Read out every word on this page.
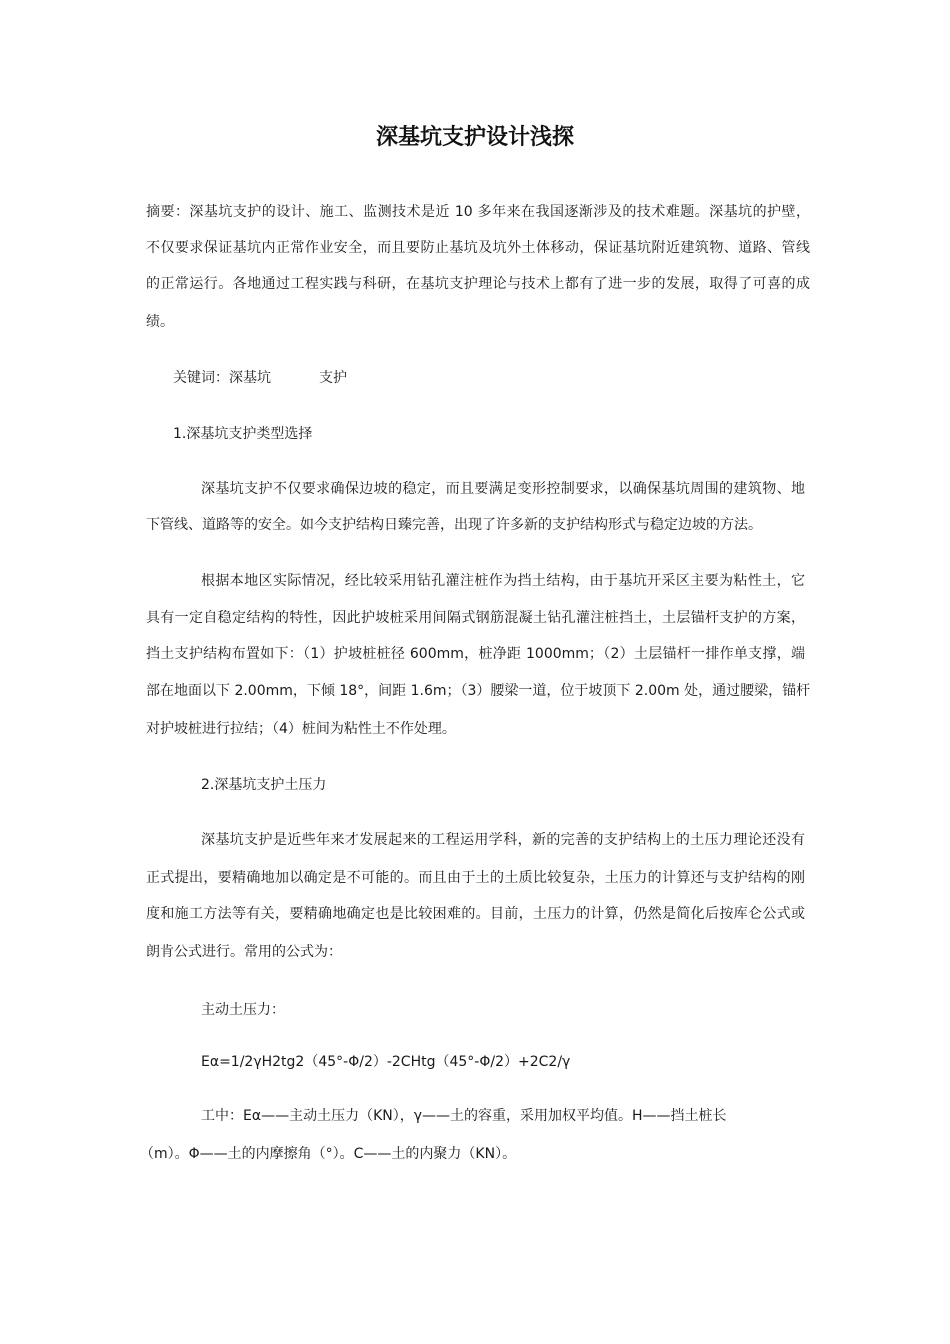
深基坑支护设计浅探
摘要：深基坑支护的设计、施工、监测技术是近 10 多年来在我国逐渐涉及的技术难题。深基坑的护壁，
不仅要求保证基坑内正常作业安全，而且要防止基坑及坑外土体移动，保证基坑附近建筑物、道路、管线
的正常运行。各地通过工程实践与科研，在基坑支护理论与技术上都有了进一步的发展，取得了可喜的成
绩。
关键词：深基坑	支护
1.深基坑支护类型选择
深基坑支护不仅要求确保边坡的稳定，而且要满足变形控制要求，以确保基坑周围的建筑物、地
下管线、道路等的安全。如今支护结构日臻完善，出现了许多新的支护结构形式与稳定边坡的方法。
根据本地区实际情况，经比较采用钻孔灌注桩作为挡土结构，由于基坑开采区主要为粘性土，它
具有一定自稳定结构的特性，因此护坡桩采用间隔式钢筋混凝土钻孔灌注桩挡土，土层锚杆支护的方案，
挡土支护结构布置如下：（1）护坡桩桩径 600mm，桩净距 1000mm；（2）土层锚杆一排作单支撑，端
部在地面以下 2.00mm，下倾 18°，间距 1.6m；（3）腰梁一道，位于坡顶下 2.00m 处，通过腰梁，锚杆
对护坡桩进行拉结；（4）桩间为粘性土不作处理。
2.深基坑支护土压力
深基坑支护是近些年来才发展起来的工程运用学科，新的完善的支护结构上的土压力理论还没有
正式提出，要精确地加以确定是不可能的。而且由于土的土质比较复杂，土压力的计算还与支护结构的刚
度和施工方法等有关，要精确地确定也是比较困难的。目前，土压力的计算，仍然是简化后按库仑公式或
朗肯公式进行。常用的公式为：
主动土压力：
Eα=1/2γH2tg2（45°-Φ/2）-2CHtg（45°-Φ/2）+2C2/γ
工中：Eα——主动土压力（KN），γ——土的容重，采用加权平均值。H——挡土桩长
（m）。Φ——土的内摩擦角（°）。C——土的内聚力（KN）。
